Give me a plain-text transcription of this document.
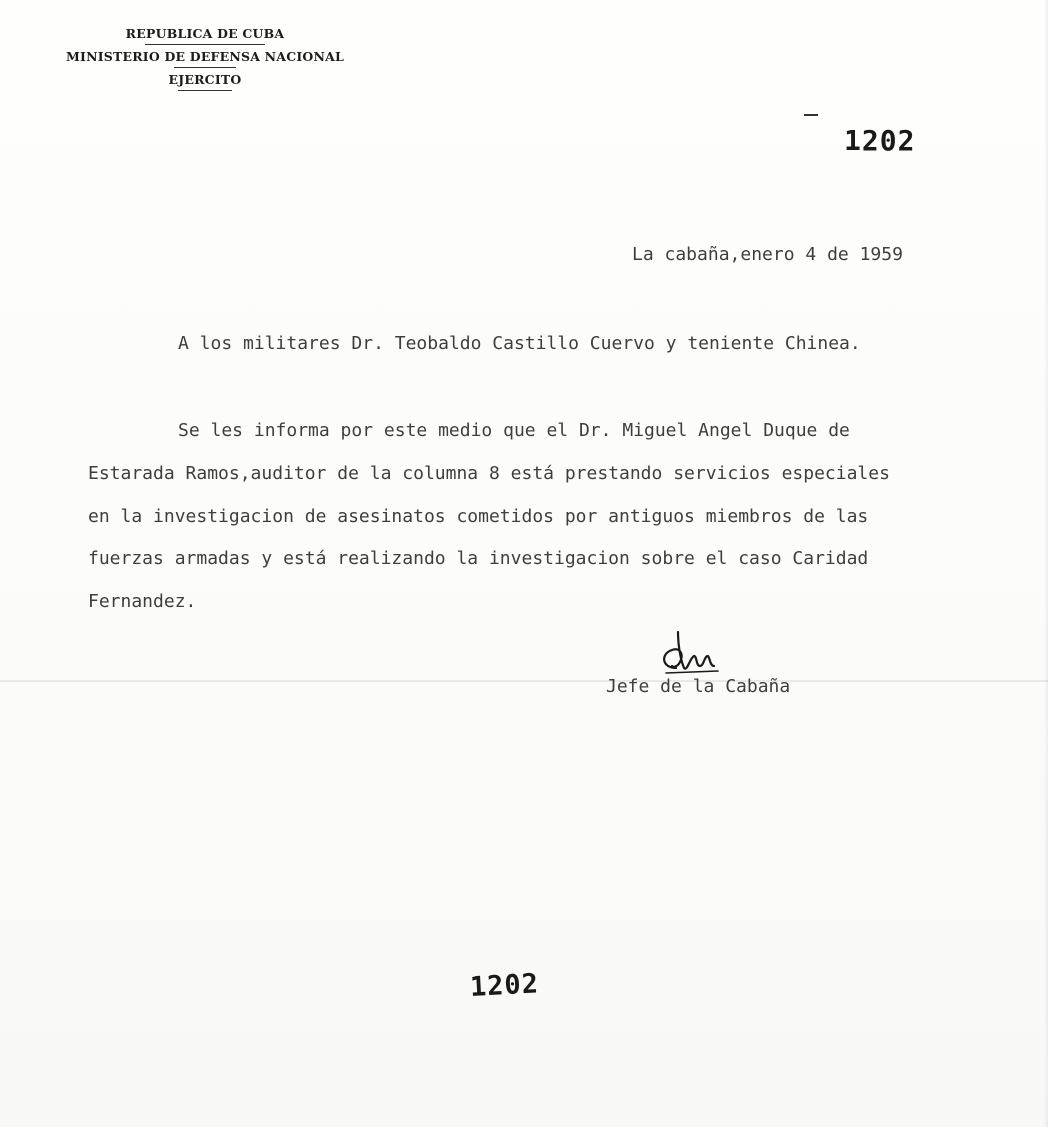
REPUBLICA DE CUBA
MINISTERIO DE DEFENSA NACIONAL
EJERCITO
1202
La cabaña,enero 4 de 1959
A los militares Dr. Teobaldo Castillo Cuervo y teniente Chinea.
Se les informa por este medio que el Dr. Miguel Angel Duque de
Estarada Ramos,auditor de la columna 8 está prestando servicios especiales
en la investigacion de asesinatos cometidos por antiguos miembros de las
fuerzas armadas y está realizando la investigacion sobre el caso Caridad
Fernandez.
Jefe de la Cabaña
1202
